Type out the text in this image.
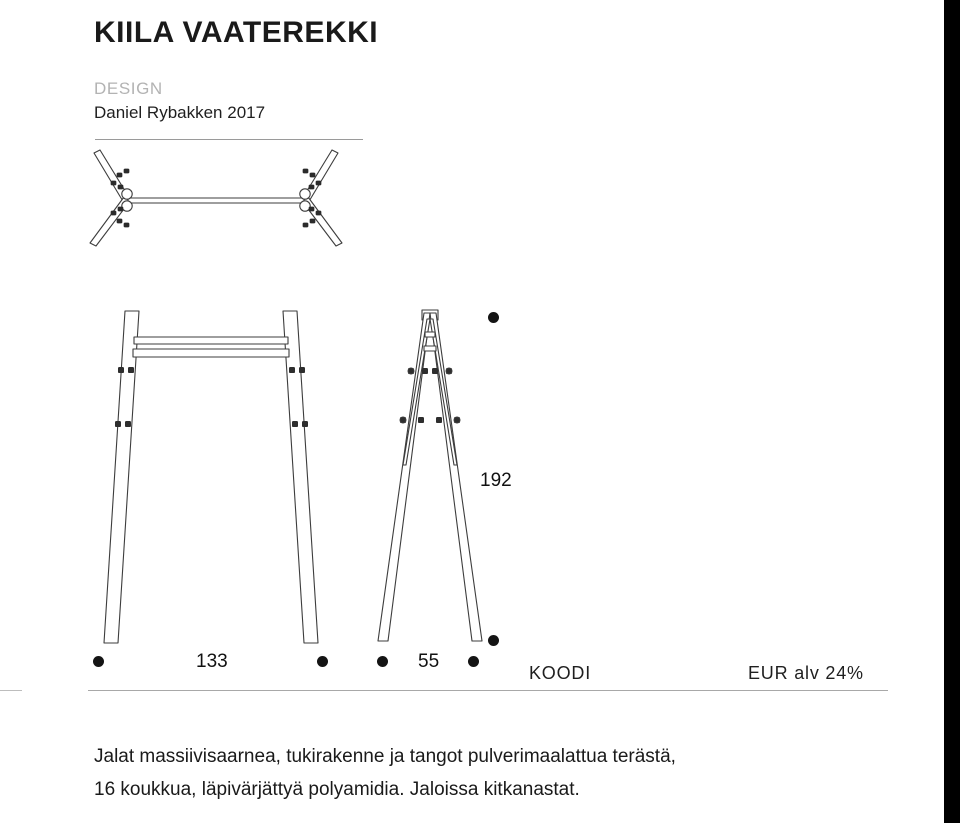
KIILA VAATEREKKI
DESIGN
Daniel Rybakken 2017
192
133	55
KOODI	EUR alv 24%
Jalat massiivisaarnea, tukirakenne ja tangot pulverimaalattua terästä,
16 koukkua, läpivärjättyä polyamidia. Jaloissa kitkanastat.
